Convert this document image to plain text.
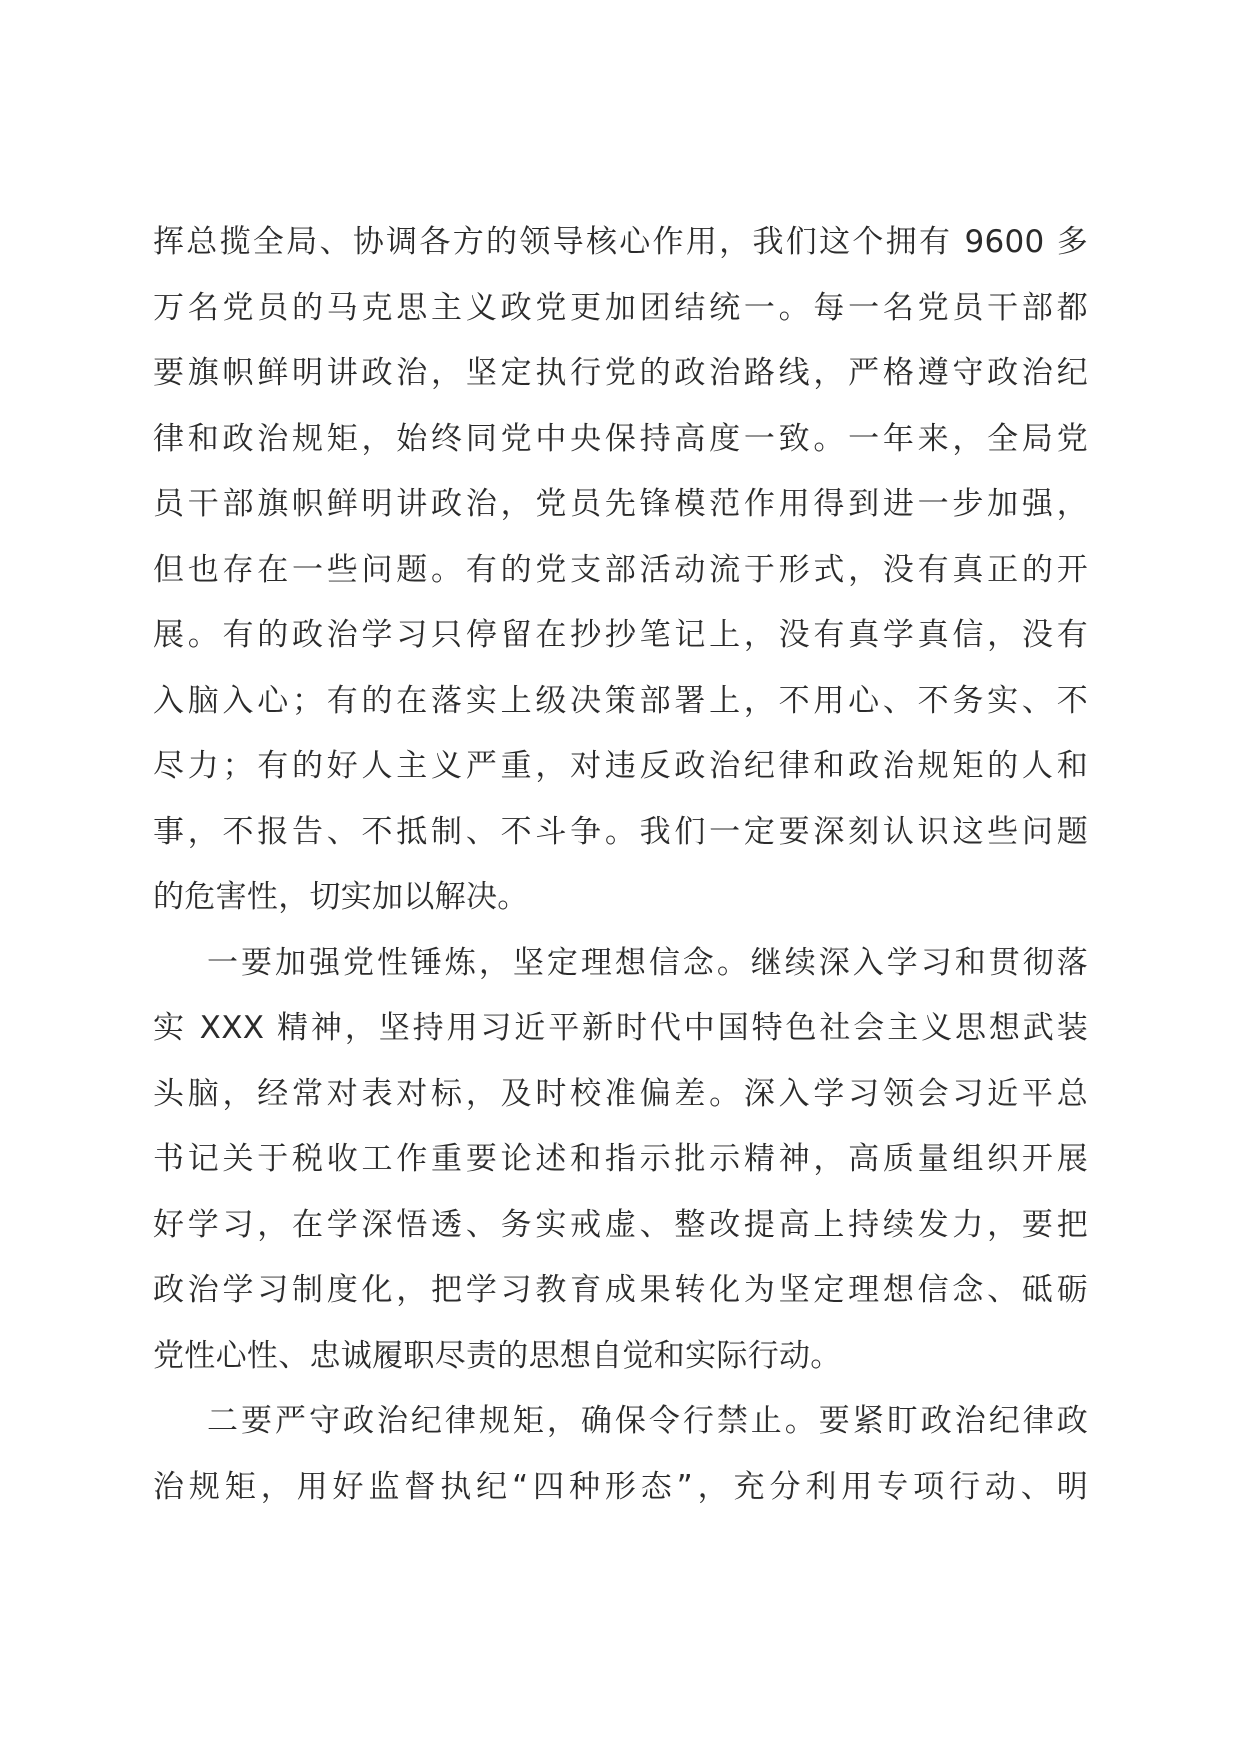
挥总揽全局、协调各方的领导核心作用，我们这个拥有 9600 多
万名党员的马克思主义政党更加团结统一。每一名党员干部都
要旗帜鲜明讲政治，坚定执行党的政治路线，严格遵守政治纪
律和政治规矩，始终同党中央保持高度一致。一年来，全局党
员干部旗帜鲜明讲政治，党员先锋模范作用得到进一步加强，
但也存在一些问题。有的党支部活动流于形式，没有真正的开
展。有的政治学习只停留在抄抄笔记上，没有真学真信，没有
入脑入心；有的在落实上级决策部署上，不用心、不务实、不
尽力；有的好人主义严重，对违反政治纪律和政治规矩的人和
事，不报告、不抵制、不斗争。我们一定要深刻认识这些问题
的危害性，切实加以解决。
一要加强党性锤炼，坚定理想信念。继续深入学习和贯彻落
实 XXX 精神，坚持用习近平新时代中国特色社会主义思想武装
头脑，经常对表对标，及时校准偏差。深入学习领会习近平总
书记关于税收工作重要论述和指示批示精神，高质量组织开展
好学习，在学深悟透、务实戒虚、整改提高上持续发力，要把
政治学习制度化，把学习教育成果转化为坚定理想信念、砥砺
党性心性、忠诚履职尽责的思想自觉和实际行动。
二要严守政治纪律规矩，确保令行禁止。要紧盯政治纪律政
治规矩，用好监督执纪“四种形态”，充分利用专项行动、明
